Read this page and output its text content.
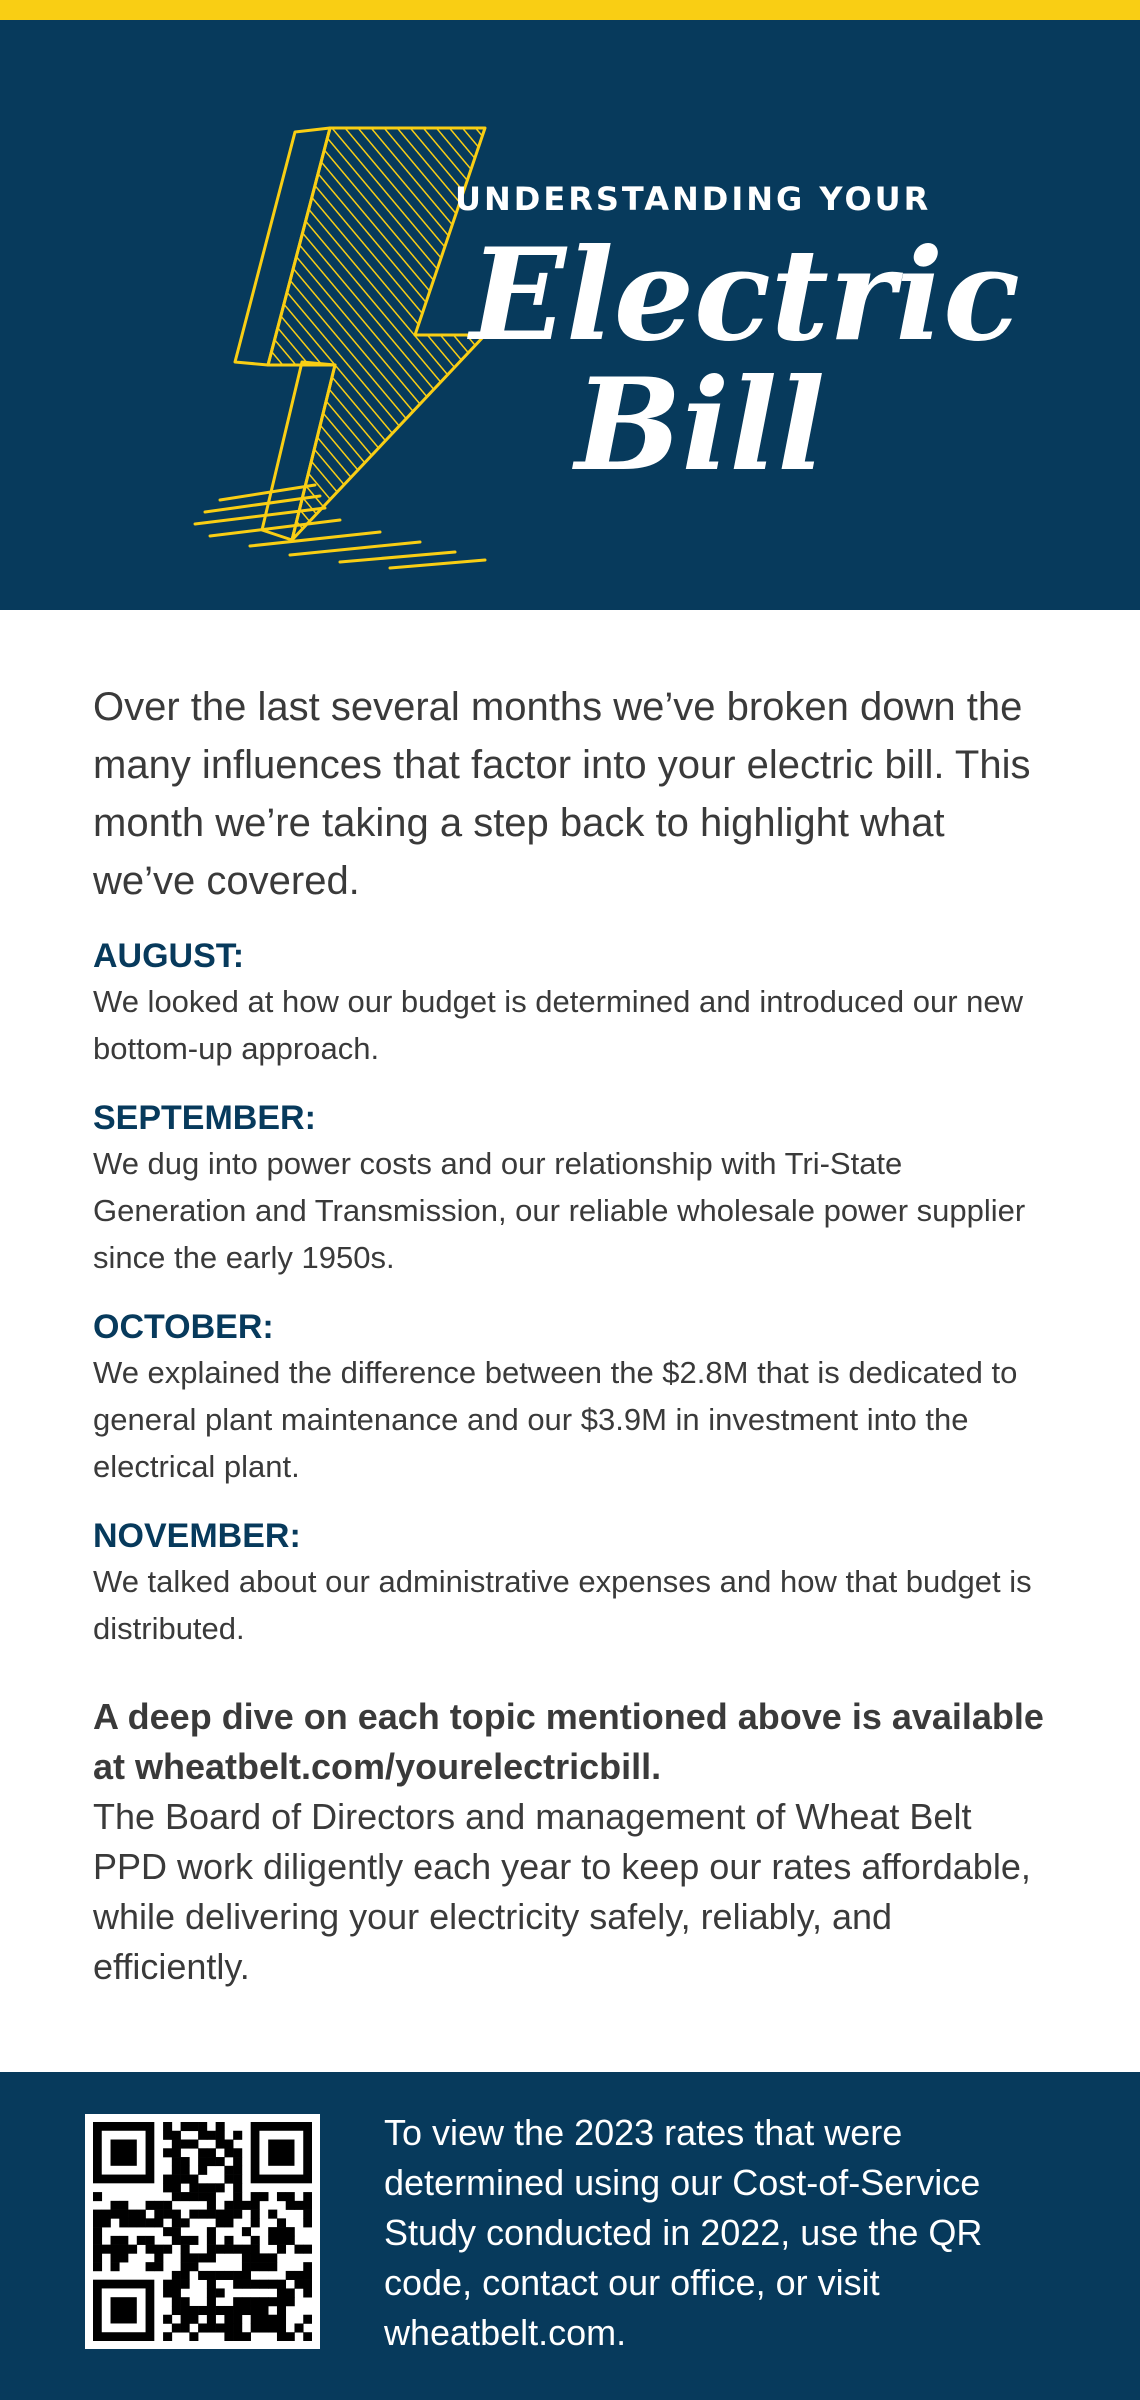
UNDERSTANDING YOUR
Electric
Bill

Over the last several months we’ve broken down the many influences that factor into your electric bill. This month we’re taking a step back to highlight what we’ve covered.

AUGUST:

We looked at how our budget is determined and introduced our new bottom-up approach.

SEPTEMBER:

We dug into power costs and our relationship with Tri-State Generation and Transmission, our reliable wholesale power supplier since the early 1950s.

OCTOBER:

We explained the difference between the $2.8M that is dedicated to general plant maintenance and our $3.9M in investment into the electrical plant.

NOVEMBER:

We talked about our administrative expenses and how that budget is distributed.

A deep dive on each topic mentioned above is available at wheatbelt.com/yourelectricbill.

The Board of Directors and management of Wheat Belt PPD work diligently each year to keep our rates affordable, while delivering your electricity safely, reliably, and efficiently.

To view the 2023 rates that were determined using our Cost-of-Service Study conducted in 2022, use the QR code, contact our office, or visit wheatbelt.com.
